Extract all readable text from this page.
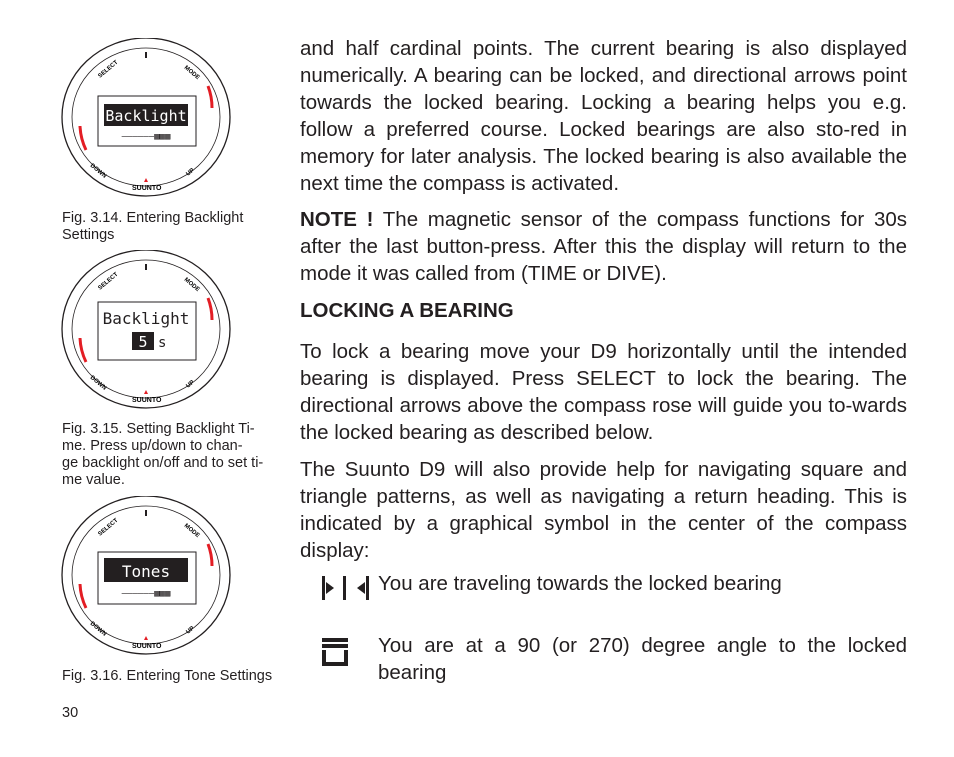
SELECT	MODE
DOWN	UP
SUUNTO
Backlight
––––––▦▦▦
Fig. 3.14. Entering Backlight
Settings
SELECT	MODE
DOWN	UP
SUUNTO
Backlight
5 s
Fig. 3.15. Setting Backlight Ti-
me. Press up/down to chan-
ge backlight on/off and to set ti-
me value.
SELECT	MODE
DOWN	UP
SUUNTO
Tones
––––––▦▦▦
Fig. 3.16. Entering Tone Settings
and half cardinal points. The current bearing is also displayed numerically. A bearing can be locked, and directional arrows point towards the locked bearing. Locking a bearing helps you e.g. follow a preferred course. Locked bearings are also sto-red in memory for later analysis. The locked bearing is also available the next time the compass is activated.
NOTE ! The magnetic sensor of the compass functions for 30s after the last button-press. After this the display will return to the mode it was called from (TIME or DIVE).
LOCKING A BEARING
To lock a bearing move your D9 horizontally until the intended bearing is displayed. Press SELECT to lock the bearing. The directional arrows above the compass rose will guide you to-wards the locked bearing as described below.
The Suunto D9 will also provide help for navigating square and triangle patterns, as well as navigating a return heading. This is indicated by a graphical symbol in the center of the compass display:
You are traveling towards the locked bearing
You are at a 90 (or 270) degree angle to the locked bearing
30
